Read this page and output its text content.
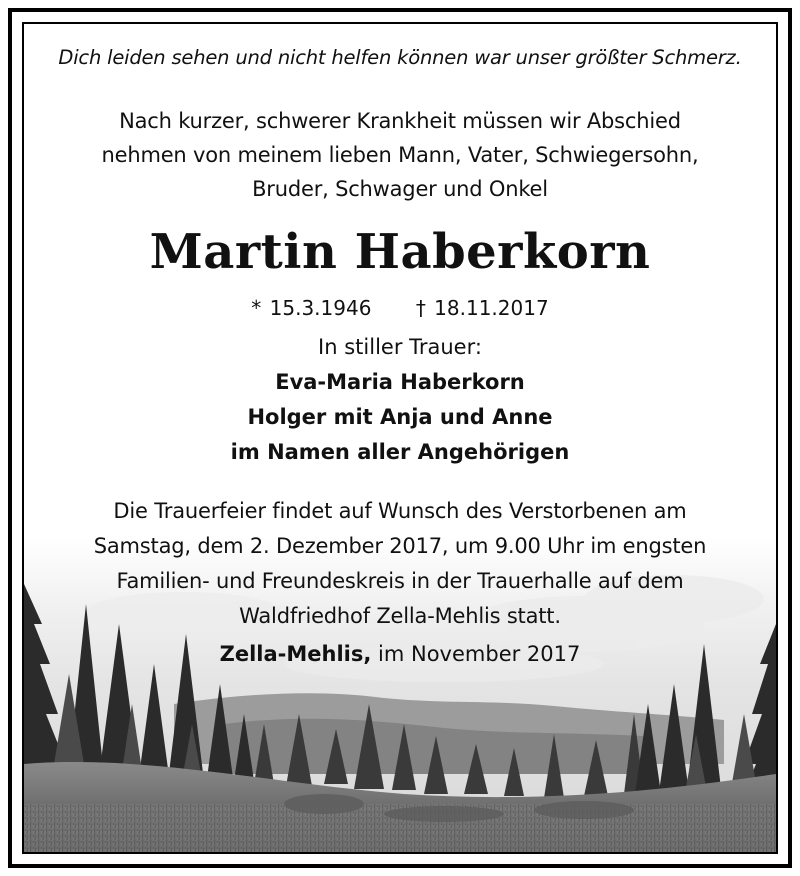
Dich leiden sehen und nicht helfen können war unser größter Schmerz.
Nach kurzer, schwerer Krankheit müssen wir Abschied
nehmen von meinem lieben Mann, Vater, Schwiegersohn,
Bruder, Schwager und Onkel
Martin Haberkorn
* 15.3.1946 † 18.11.2017
In stiller Trauer:
Eva-Maria Haberkorn
Holger mit Anja und Anne
im Namen aller Angehörigen
Die Trauerfeier findet auf Wunsch des Verstorbenen am
Samstag, dem 2. Dezember 2017, um 9.00 Uhr im engsten
Familien- und Freundeskreis in der Trauerhalle auf dem
Waldfriedhof Zella-Mehlis statt.
Zella-Mehlis, im November 2017
